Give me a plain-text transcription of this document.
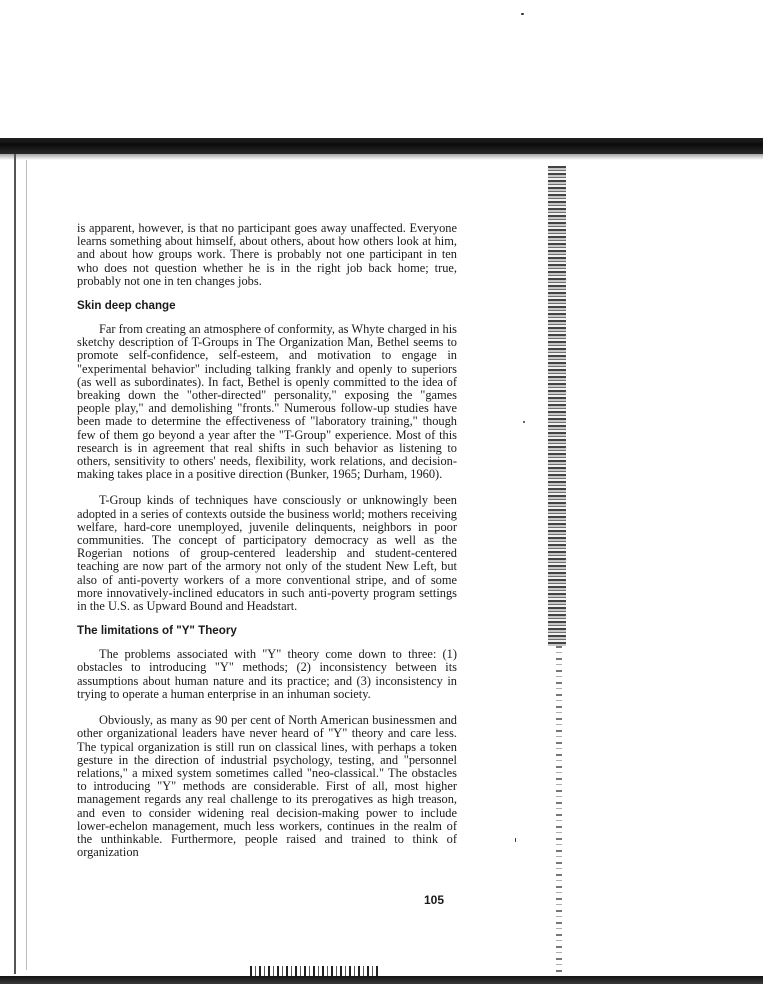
is apparent, however, is that no participant goes away unaffected. Everyone learns something about himself, about others, about how others look at him, and about how groups work. There is probably not one participant in ten who does not question whether he is in the right job back home; true, probably not one in ten changes jobs.

Skin deep change

Far from creating an atmosphere of conformity, as Whyte charged in his sketchy description of T-Groups in The Organization Man, Bethel seems to promote self-confidence, self-esteem, and motivation to engage in "experimental behavior" including talking frankly and openly to superiors (as well as subordinates). In fact, Bethel is openly committed to the idea of breaking down the "other-directed" personality," exposing the "games people play," and demolishing "fronts." Numerous follow-up studies have been made to determine the effectiveness of "laboratory training," though few of them go beyond a year after the "T-Group" experience. Most of this research is in agreement that real shifts in such behavior as listening to others, sensitivity to others' needs, flexibility, work relations, and decision-making takes place in a positive direction (Bunker, 1965; Durham, 1960).

T-Group kinds of techniques have consciously or unknowingly been adopted in a series of contexts outside the business world; mothers receiving welfare, hard-core unemployed, juvenile delinquents, neighbors in poor communities. The concept of participatory democracy as well as the Rogerian notions of group-centered leadership and student-centered teaching are now part of the armory not only of the student New Left, but also of anti-poverty workers of a more conventional stripe, and of some more innovatively-inclined educators in such anti-poverty program settings in the U.S. as Upward Bound and Headstart.

The limitations of "Y" Theory

The problems associated with "Y" theory come down to three: (1) obstacles to introducing "Y" methods; (2) inconsistency between its assumptions about human nature and its practice; and (3) inconsistency in trying to operate a human enterprise in an inhuman society.

Obviously, as many as 90 per cent of North American businessmen and other organizational leaders have never heard of "Y" theory and care less. The typical organization is still run on classical lines, with perhaps a token gesture in the direction of industrial psychology, testing, and "personnel relations," a mixed system sometimes called "neo-classical." The obstacles to introducing "Y" methods are considerable. First of all, most higher management regards any real challenge to its prerogatives as high treason, and even to consider widening real decision-making power to include lower-echelon management, much less workers, continues in the realm of the unthinkable. Furthermore, people raised and trained to think of organization

105
